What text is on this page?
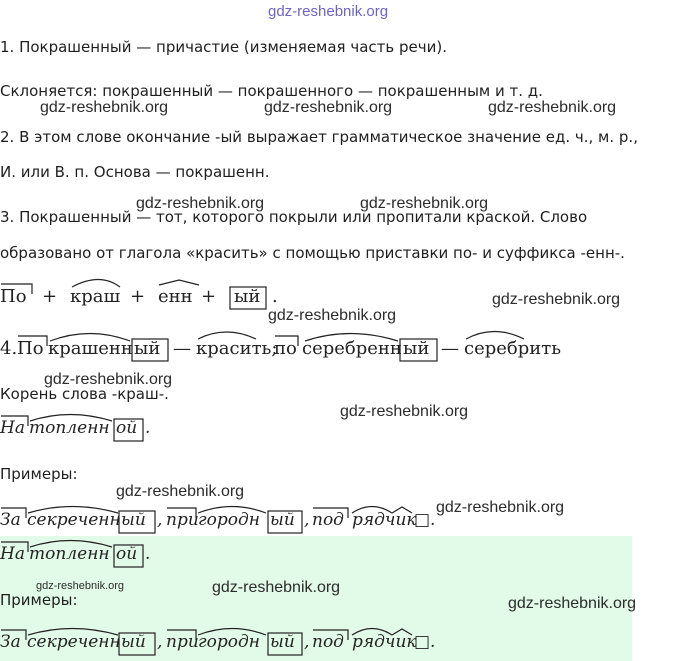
gdz-reshebnik.org
gdz-reshebnik.org	gdz-reshebnik.org	gdz-reshebnik.org
gdz-reshebnik.org	gdz-reshebnik.org
gdz-reshebnik.org
gdz-reshebnik.org
gdz-reshebnik.org
gdz-reshebnik.org
gdz-reshebnik.org
gdz-reshebnik.org
gdz-reshebnik.org	gdz-reshebnik.org
gdz-reshebnik.org
1. Покрашенный — причастие (изменяемая часть речи).
Склоняется: покрашенный — покрашенного — покрашенным и т. д.
2. В этом слове окончание -ый выражает грамматическое значение ед. ч., м. р.,
И. или В. п. Основа — покрашенн.
3. Покрашенный — тот, которого покрыли или пропитали краской. Слово
образовано от глагола «красить» с помощью приставки по- и суффикса -енн-.
Корень слова -краш-.
Примеры:
Примеры:
По + краш + енн + ый .
4. По крашенн ый — красить;
по серебренн ый — серебрить
На топленн ой .
За секреченн ый , при городн ый , под рядчик
□.
На топленн ой .
За секреченн ый , при городн ый , под рядчик
□.
